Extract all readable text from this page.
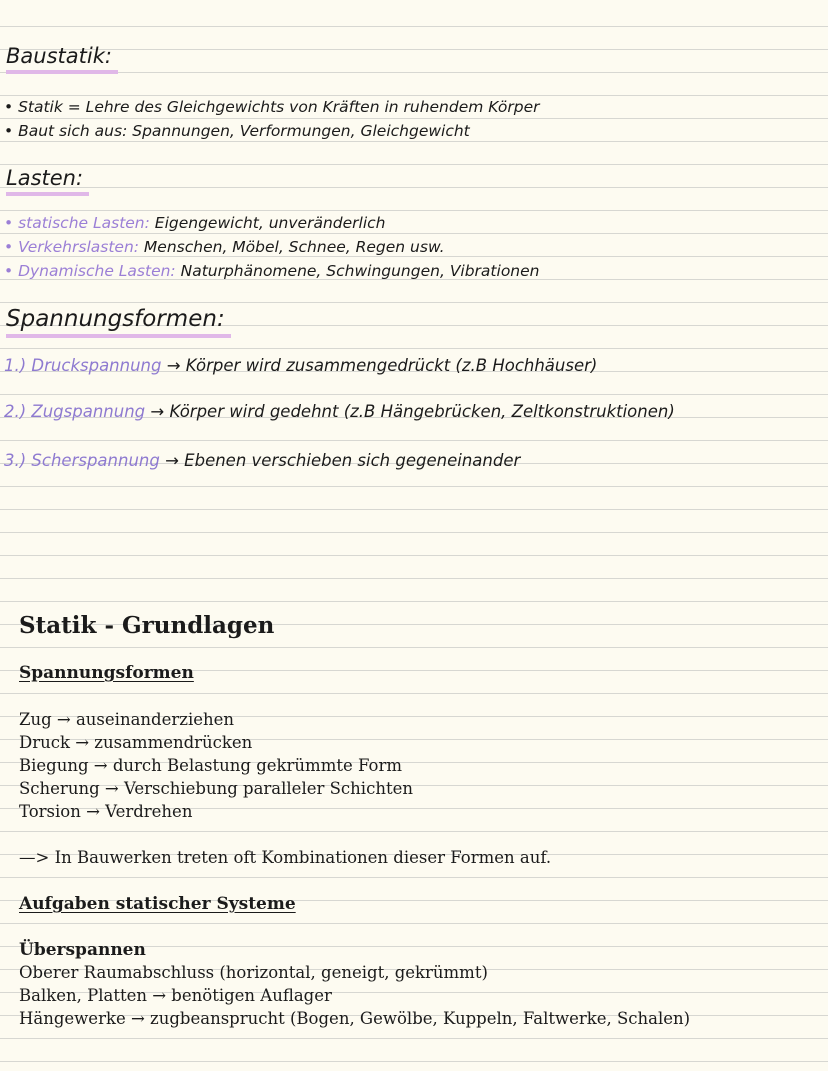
Baustatik:
• Statik = Lehre des Gleichgewichts von Kräften in ruhendem Körper
• Baut sich aus: Spannungen, Verformungen, Gleichgewicht
Lasten:
• statische Lasten: Eigengewicht, unveränderlich
• Verkehrslasten: Menschen, Möbel, Schnee, Regen usw.
• Dynamische Lasten: Naturphänomene, Schwingungen, Vibrationen
Spannungsformen:
1.) Druckspannung → Körper wird zusammengedrückt (z.B Hochhäuser)
2.) Zugspannung → Körper wird gedehnt (z.B Hängebrücken, Zeltkonstruktionen)
3.) Scherspannung → Ebenen verschieben sich gegeneinander
Statik - Grundlagen
Spannungsformen
Zug → auseinanderziehen
Druck → zusammendrücken
Biegung → durch Belastung gekrümmte Form
Scherung → Verschiebung paralleler Schichten
Torsion → Verdrehen
—> In Bauwerken treten oft Kombinationen dieser Formen auf.
Aufgaben statischer Systeme
Überspannen
Oberer Raumabschluss (horizontal, geneigt, gekrümmt)
Balken, Platten → benötigen Auflager
Hängewerke → zugbeansprucht (Bogen, Gewölbe, Kuppeln, Faltwerke, Schalen)
